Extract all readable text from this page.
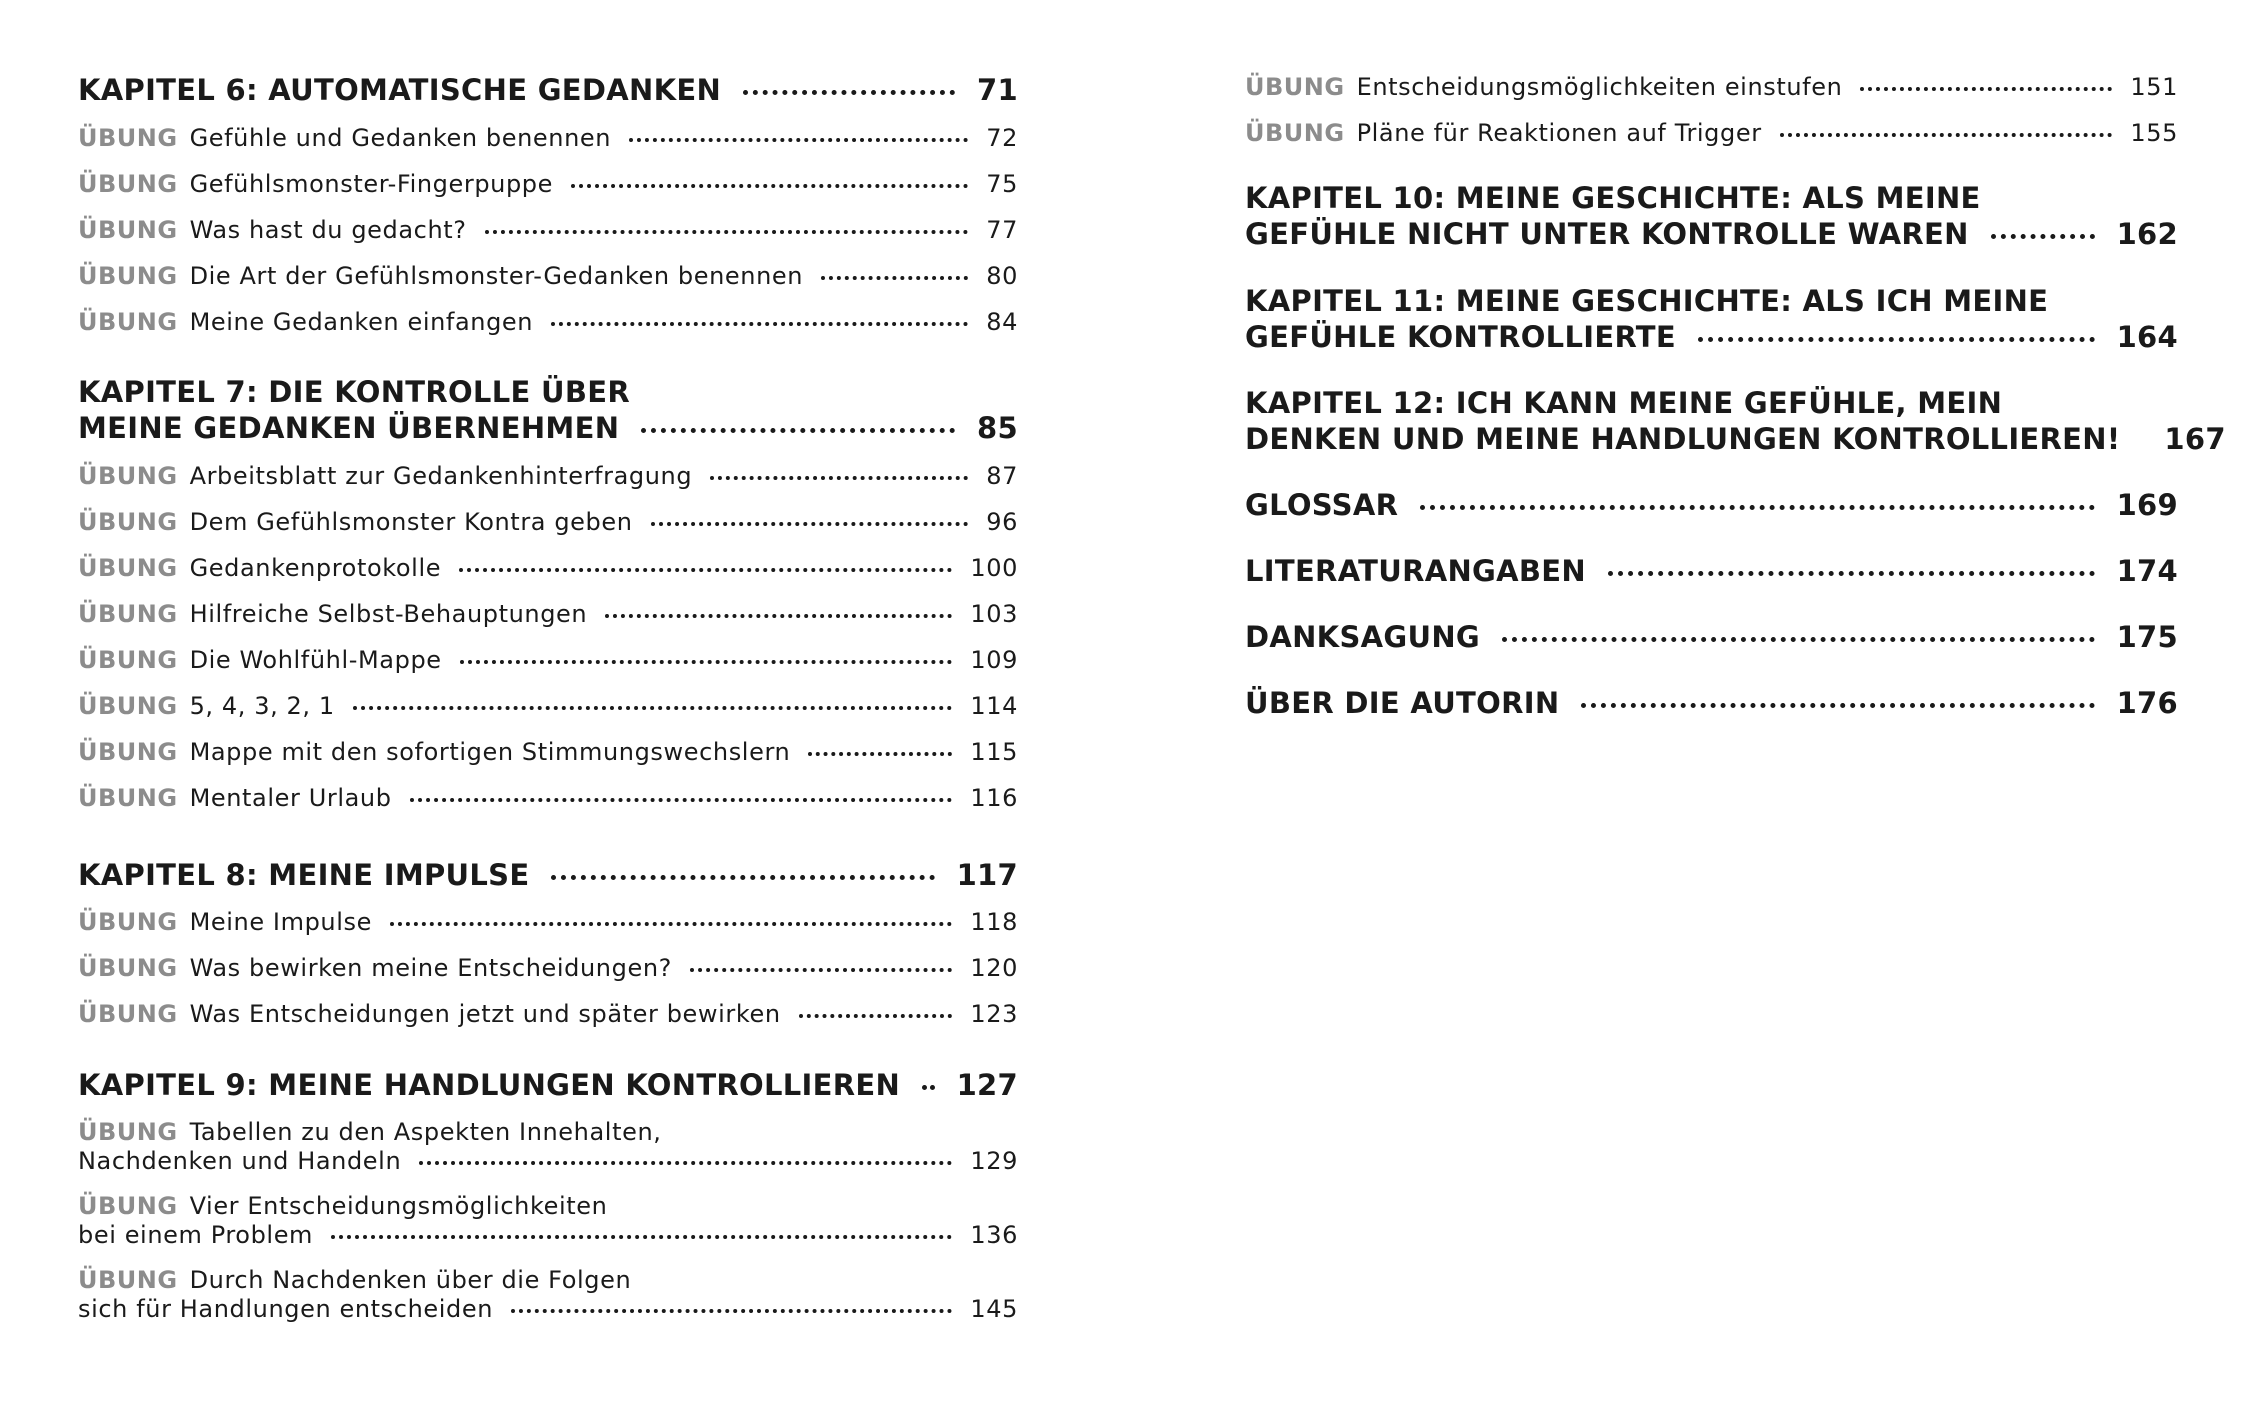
KAPITEL 6: AUTOMATISCHE GEDANKEN	71
ÜBUNG Gefühle und Gedanken benennen	72
ÜBUNG Gefühlsmonster-Fingerpuppe	75
ÜBUNG Was hast du gedacht?	77
ÜBUNG Die Art der Gefühlsmonster-Gedanken benennen	80
ÜBUNG Meine Gedanken einfangen	84
KAPITEL 7: DIE KONTROLLE ÜBER
MEINE GEDANKEN ÜBERNEHMEN	85
ÜBUNG Arbeitsblatt zur Gedankenhinterfragung	87
ÜBUNG Dem Gefühlsmonster Kontra geben	96
ÜBUNG Gedankenprotokolle	100
ÜBUNG Hilfreiche Selbst-Behauptungen	103
ÜBUNG Die Wohlfühl-Mappe	109
ÜBUNG 5, 4, 3, 2, 1	114
ÜBUNG Mappe mit den sofortigen Stimmungswechslern	115
ÜBUNG Mentaler Urlaub	116
KAPITEL 8: MEINE IMPULSE	117
ÜBUNG Meine Impulse	118
ÜBUNG Was bewirken meine Entscheidungen?	120
ÜBUNG Was Entscheidungen jetzt und später bewirken	123
KAPITEL 9: MEINE HANDLUNGEN KONTROLLIEREN 127
ÜBUNG Tabellen zu den Aspekten Innehalten,
Nachdenken und Handeln	129
ÜBUNG Vier Entscheidungsmöglichkeiten
bei einem Problem	136
ÜBUNG Durch Nachdenken über die Folgen
sich für Handlungen entscheiden	145
ÜBUNG Entscheidungsmöglichkeiten einstufen	151
ÜBUNG Pläne für Reaktionen auf Trigger	155
KAPITEL 10: MEINE GESCHICHTE: ALS MEINE
GEFÜHLE NICHT UNTER KONTROLLE WAREN	162
KAPITEL 11: MEINE GESCHICHTE: ALS ICH MEINE
GEFÜHLE KONTROLLIERTE	164
KAPITEL 12: ICH KANN MEINE GEFÜHLE, MEIN
DENKEN UND MEINE HANDLUNGEN KONTROLLIEREN! 167
GLOSSAR	169
LITERATURANGABEN	174
DANKSAGUNG	175
ÜBER DIE AUTORIN	176
